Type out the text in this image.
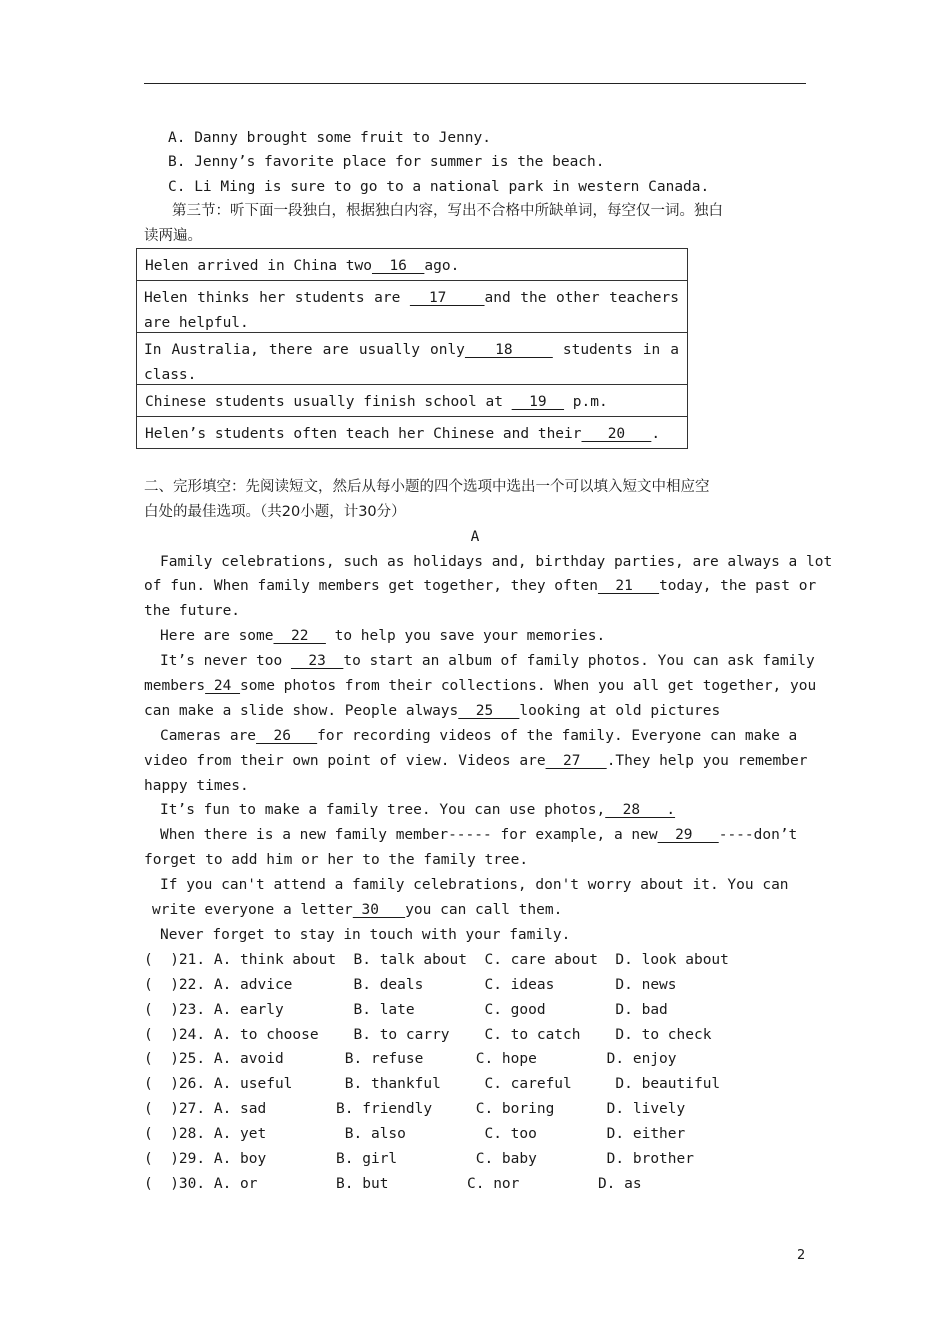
A. Danny brought some fruit to Jenny.
B. Jenny’s favorite place for summer is the beach.
C. Li Ming is sure to go to a national park in western Canada.
第三节：听下面一段独白，根据独白内容，写出不合格中所缺单词，每空仅一词。独白
读两遍。
Helen arrived in China two  16  ago.
Helen thinks her students are   17    and the other teachers are helpful.
In Australia, there are usually only   18     students in a class.
Chinese students usually finish school at   19   p.m.
Helen’s students often teach her Chinese and their   20   .
二、完形填空：先阅读短文，然后从每小题的四个选项中选出一个可以填入短文中相应空
白处的最佳选项。（共20小题，计30分）
A
Family celebrations, such as holidays and, birthday parties, are always a lot
of fun. When family members get together, they often  21   today, the past or
the future.
Here are some  22   to help you save your memories.
It’s never too   23  to start an album of family photos. You can ask family
members 24 some photos from their collections. When you all get together, you
can make a slide show. People always  25   looking at old pictures
Cameras are  26   for recording videos of the family. Everyone can make a
video from their own point of view. Videos are  27   .They help you remember
happy times.
It’s fun to make a family tree. You can use photos,  28   .
When there is a new family member----- for example, a new  29   ----don’t
forget to add him or her to the family tree.
If you can't attend a family celebrations, don't worry about it. You can
write everyone a letter 30   you can call them.
Never forget to stay in touch with your family.
(  )21. A. think about  B. talk about  C. care about  D. look about
(  )22. A. advice       B. deals       C. ideas       D. news
(  )23. A. early        B. late        C. good        D. bad
(  )24. A. to choose    B. to carry    C. to catch    D. to check
(  )25. A. avoid       B. refuse      C. hope        D. enjoy
(  )26. A. useful      B. thankful     C. careful     D. beautiful
(  )27. A. sad        B. friendly     C. boring      D. lively
(  )28. A. yet         B. also         C. too        D. either
(  )29. A. boy        B. girl         C. baby        D. brother
(  )30. A. or         B. but         C. nor         D. as
2
